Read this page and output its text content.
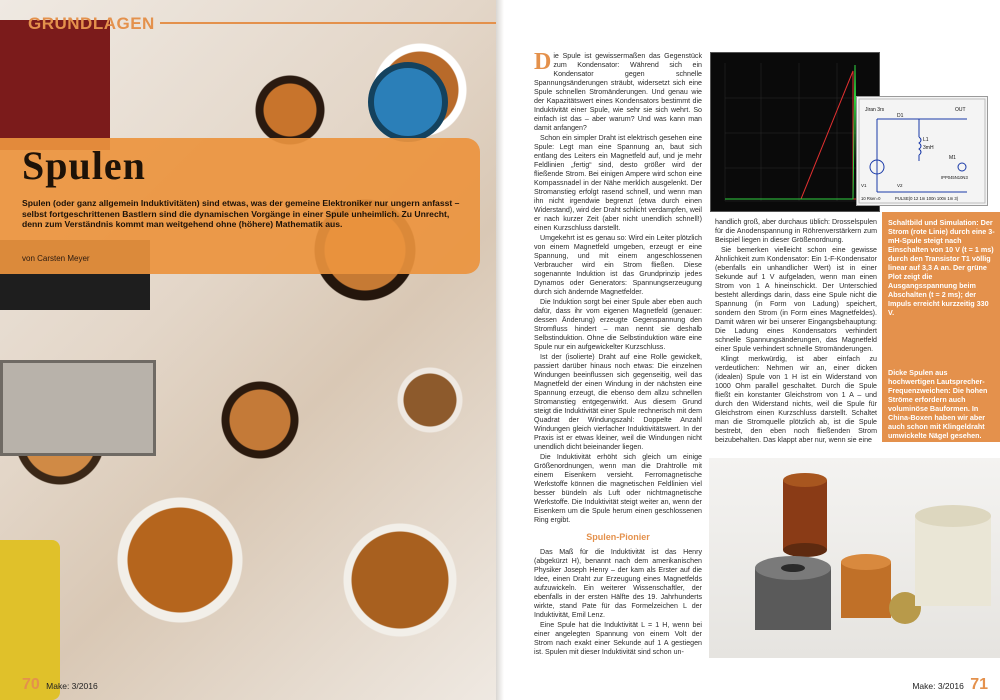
GRUNDLAGEN
Spulen
Spulen (oder ganz allgemein Induktivitäten) sind etwas, was der gemeine Elektroniker nur ungern anfasst – selbst fortgeschrittenen Bastlern sind die dynamischen Vorgänge in einer Spule unheimlich. Zu Unrecht, denn zum Verständnis kommt man weitgehend ohne (höhere) Mathematik aus.
von Carsten Meyer
70 Make: 3/2016

Die Spule ist gewissermaßen das Gegenstück zum Kondensator: Während sich ein Kondensator gegen schnelle Spannungsänderungen sträubt, widersetzt sich eine Spule schnellen Stromänderungen. Und genau wie der Kapazitätswert eines Kondensators bestimmt die Induktivität einer Spule, wie sehr sie sich wehrt. So einfach ist das – aber warum? Und was kann man damit anfangen?

Schon ein simpler Draht ist elektrisch gesehen eine Spule: Legt man eine Spannung an, baut sich entlang des Leiters ein Magnetfeld auf, und je mehr Feldlinien „fertig“ sind, desto größer wird der fließende Strom. Bei einigen Ampere wird schon eine Kompassnadel in der Nähe merklich ausgelenkt. Der Stromanstieg erfolgt rasend schnell, und wenn man ihn nicht irgendwie begrenzt (etwa durch einen Widerstand), wird der Draht schlicht verdampfen, weil er nach kurzer Zeit (aber nicht unendlich schnell!) einen Kurzschluss darstellt.

Umgekehrt ist es genau so: Wird ein Leiter plötzlich von einem Magnetfeld umgeben, erzeugt er eine Spannung, und mit einem angeschlossenen Verbraucher wird ein Strom fließen. Diese sogenannte Induktion ist das Grundprinzip jedes Dynamos oder Generators: Spannungserzeugung durch sich ändernde Magnetfelder.

Die Induktion sorgt bei einer Spule aber eben auch dafür, dass ihr vom eigenen Magnetfeld (genauer: dessen Änderung) erzeugte Gegenspannung den Stromfluss hindert – man nennt sie deshalb Selbstinduktion. Ohne die Selbstinduktion wäre eine Spule nur ein aufgewickelter Kurzschluss.

Ist der (isolierte) Draht auf eine Rolle gewickelt, passiert darüber hinaus noch etwas: Die einzelnen Windungen beeinflussen sich gegenseitig, weil das Magnetfeld der einen Windung in der nächsten eine Spannung erzeugt, die ebenso dem allzu schnellen Stromanstieg entgegenwirkt. Aus diesem Grund steigt die Induktivität einer Spule rechnerisch mit dem Quadrat der Windungszahl: Doppelte Anzahl Windungen gleich vierfacher Induktivitätswert. In der Praxis ist er etwas kleiner, weil die Windungen nicht unendlich dicht beieinander liegen.

Die Induktivität erhöht sich gleich um einige Größenordnungen, wenn man die Drahtrolle mit einem Eisenkern versieht. Ferromagnetische Werkstoffe können die magnetischen Feldlinien viel besser bündeln als Luft oder nichtmagnetische Werkstoffe. Die Induktivität steigt weiter an, wenn der Eisenkern um die Spule herum einen geschlossenen Ring ergibt.

Spulen-Pionier

Das Maß für die Induktivität ist das Henry (abgekürzt H), benannt nach dem amerikanischen Physiker Joseph Henry – der kam als Erster auf die Idee, einen Draht zur Erzeugung eines Magnetfelds aufzuwickeln. Ein weiterer Wissenschaftler, der ebenfalls in der ersten Hälfte des 19. Jahrhunderts wirkte, stand Pate für das Formelzeichen L der Induktivität, Emil Lenz.

Eine Spule hat die Induktivität L = 1 H, wenn bei einer angelegten Spannung von einem Volt der Strom nach exakt einer Sekunde auf 1 A gestiegen ist. Spulen mit dieser Induktivität sind schon un-

Jiran 3rs
D1
L1
3mH
OUT
M1
IPP045N10N3
V1	V2
10 Rser=0	PULSE(0 12 1m 100n 100n 1m 3)

handlich groß, aber durchaus üblich: Drosselspulen für die Anodenspannung in Röhrenverstärkern zum Beispiel liegen in dieser Größenordnung.

Sie bemerken vielleicht schon eine gewisse Ähnlichkeit zum Kondensator: Ein 1-F-Kondensator (ebenfalls ein unhandlicher Wert) ist in einer Sekunde auf 1 V aufgeladen, wenn man einen Strom von 1 A hineinschickt. Der Unterschied besteht allerdings darin, dass eine Spule nicht die Spannung (in Form von Ladung) speichert, sondern den Strom (in Form eines Magnetfeldes). Damit wären wir bei unserer Eingangsbehauptung: Die Ladung eines Kondensators verhindert schnelle Spannungsänderungen, das Magnetfeld einer Spule verhindert schnelle Stromänderungen.

Klingt merkwürdig, ist aber einfach zu verdeutlichen: Nehmen wir an, einer dicken (idealen) Spule von 1 H ist ein Widerstand von 1000 Ohm parallel geschaltet. Durch die Spule fließt ein konstanter Gleichstrom von 1 A – und durch den Widerstand nichts, weil die Spule für Gleichstrom einen Kurzschluss darstellt. Schaltet man die Stromquelle plötzlich ab, ist die Spule bestrebt, den eben noch fließenden Strom beizubehalten. Das klappt aber nur, wenn sie eine

Schaltbild und Simulation: Der Strom (rote Linie) durch eine 3-mH-Spule steigt nach Einschalten von 10 V (t = 1 ms) durch den Transistor T1 völlig linear auf 3,3 A an. Der grüne Plot zeigt die Ausgangsspannung beim Abschalten (t = 2 ms); der Impuls erreicht kurzzeitig 330 V.
Dicke Spulen aus hochwertigen Lautsprecher-Frequenzweichen: Die hohen Ströme erfordern auch voluminöse Bauformen. In China-Boxen haben wir aber auch schon mit Klingeldraht umwickelte Nägel gesehen.
Make: 3/2016 71
